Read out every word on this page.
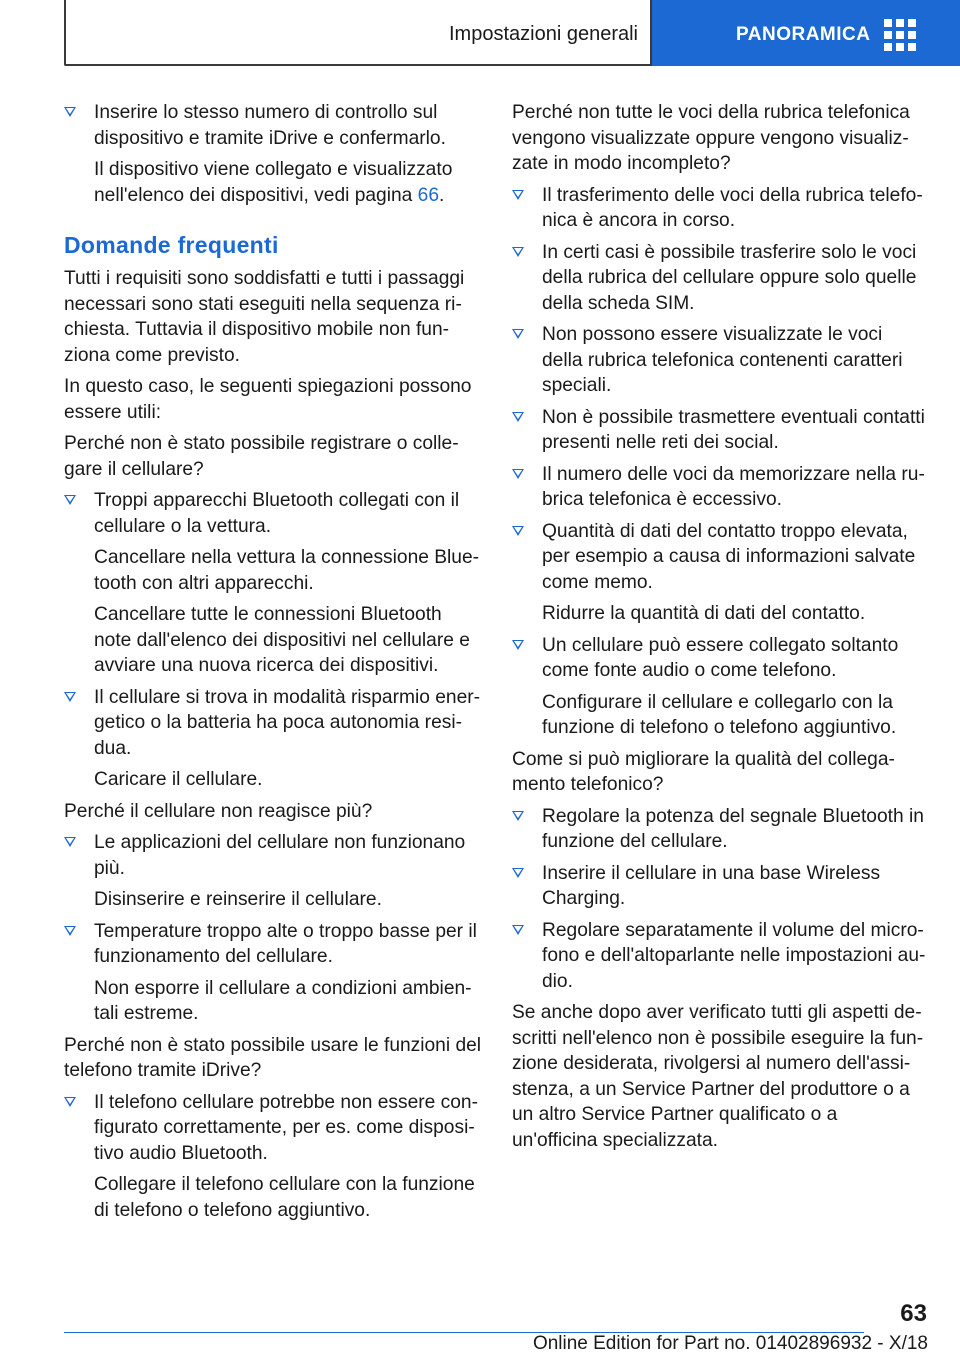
Impostazioni generali	PANORAMICA
Inserire lo stesso numero di controllo sul dispositivo e tramite iDrive e confermarlo.
Il dispositivo viene collegato e visualizzato nell'elenco dei dispositivi, vedi pagina 66.
Domande frequenti

Tutti i requisiti sono soddisfatti e tutti i passaggi necessari sono stati eseguiti nella sequenza richiesta. Tuttavia il dispositivo mobile non funziona come previsto.

In questo caso, le seguenti spiegazioni possono essere utili:

Perché non è stato possibile registrare o collegare il cellulare?

Troppi apparecchi Bluetooth collegati con il cellulare o la vettura.
Cancellare nella vettura la connessione Bluetooth con altri apparecchi.
Cancellare tutte le connessioni Bluetooth note dall'elenco dei dispositivi nel cellulare e avviare una nuova ricerca dei dispositivi.
Il cellulare si trova in modalità risparmio energetico o la batteria ha poca autonomia residua.
Caricare il cellulare.

Perché il cellulare non reagisce più?

Le applicazioni del cellulare non funzionano più.
Disinserire e reinserire il cellulare.
Temperature troppo alte o troppo basse per il funzionamento del cellulare.
Non esporre il cellulare a condizioni ambientali estreme.

Perché non è stato possibile usare le funzioni del telefono tramite iDrive?

Il telefono cellulare potrebbe non essere configurato correttamente, per es. come dispositivo audio Bluetooth.
Collegare il telefono cellulare con la funzione di telefono o telefono aggiuntivo.

Perché non tutte le voci della rubrica telefonica vengono visualizzate oppure vengono visualizzate in modo incompleto?

Il trasferimento delle voci della rubrica telefonica è ancora in corso.
In certi casi è possibile trasferire solo le voci della rubrica del cellulare oppure solo quelle della scheda SIM.
Non possono essere visualizzate le voci della rubrica telefonica contenenti caratteri speciali.
Non è possibile trasmettere eventuali contatti presenti nelle reti dei social.
Il numero delle voci da memorizzare nella rubrica telefonica è eccessivo.
Quantità di dati del contatto troppo elevata, per esempio a causa di informazioni salvate come memo.
Ridurre la quantità di dati del contatto.
Un cellulare può essere collegato soltanto come fonte audio o come telefono.
Configurare il cellulare e collegarlo con la funzione di telefono o telefono aggiuntivo.

Come si può migliorare la qualità del collegamento telefonico?

Regolare la potenza del segnale Bluetooth in funzione del cellulare.
Inserire il cellulare in una base Wireless Charging.
Regolare separatamente il volume del microfono e dell'altoparlante nelle impostazioni audio.

Se anche dopo aver verificato tutti gli aspetti descritti nell'elenco non è possibile eseguire la funzione desiderata, rivolgersi al numero dell'assistenza, a un Service Partner del produttore o a un altro Service Partner qualificato o a un'officina specializzata.

63
Online Edition for Part no. 01402896932 - X/18
